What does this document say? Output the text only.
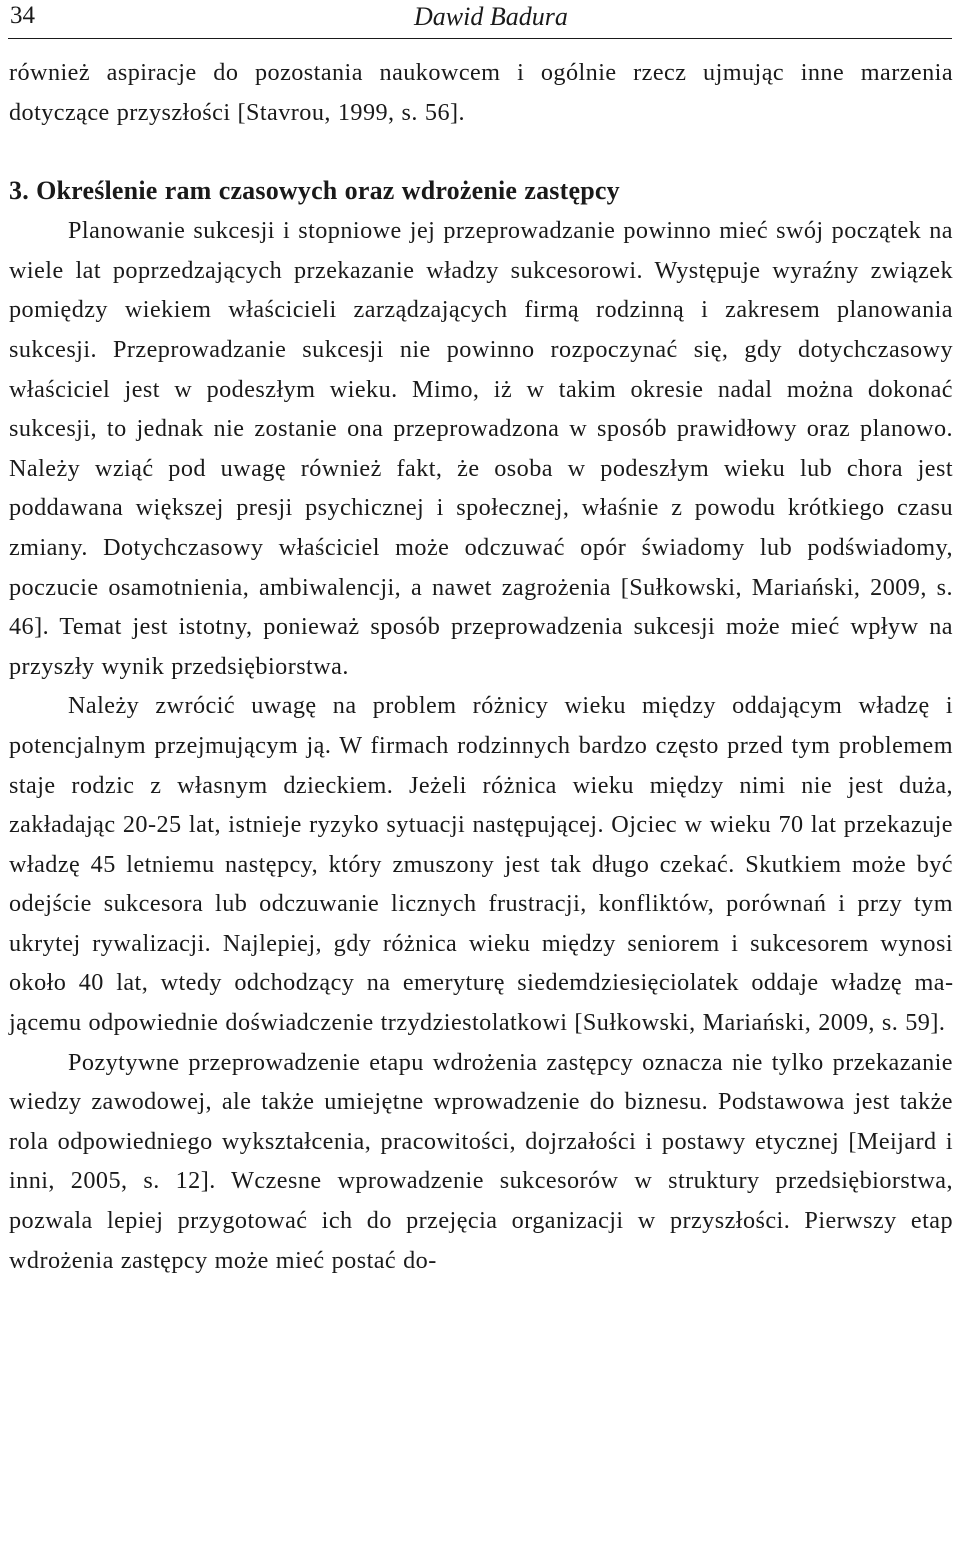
34	Dawid Badura

również aspiracje do pozostania naukowcem i ogólnie rzecz ujmując inne marzenia dotyczące przyszłości [Stavrou, 1999, s. 56].

3. Określenie ram czasowych oraz wdrożenie zastępcy

Planowanie sukcesji i stopniowe jej przeprowadzanie powinno mieć swój początek na wiele lat poprzedzających przekazanie władzy sukcesorowi. Występuje wyraźny związek pomiędzy wiekiem właścicieli zarządzających firmą rodzinną i zakresem planowania sukcesji. Przeprowadzanie sukcesji nie powinno rozpoczynać się, gdy dotychczasowy właściciel jest w podeszłym wieku. Mimo, iż w takim okresie nadal można dokonać sukcesji, to jednak nie zostanie ona przeprowadzona w sposób prawidłowy oraz planowo. Należy wziąć pod uwagę również fakt, że osoba w podeszłym wieku lub chora jest poddawana większej presji psychicznej i społecznej, właśnie z powodu krótkiego czasu zmiany. Dotychczasowy właściciel może odczuwać opór świadomy lub podświadomy, poczucie osamotnienia, ambiwalencji, a nawet zagrożenia [Sułkowski, Mariański, 2009, s. 46]. Temat jest istotny, ponieważ sposób przeprowadzenia sukcesji może mieć wpływ na przyszły wynik przedsiębiorstwa.

Należy zwrócić uwagę na problem różnicy wieku między oddającym władzę i potencjalnym przejmującym ją. W firmach rodzinnych bardzo często przed tym problemem staje rodzic z własnym dzieckiem. Jeżeli różnica wieku między nimi nie jest duża, zakładając 20-25 lat, istnieje ryzyko sytuacji następującej. Ojciec w wieku 70 lat przekazuje władzę 45 letniemu następcy, który zmuszony jest tak długo czekać. Skutkiem może być odejście sukcesora lub odczuwanie licznych frustracji, konfliktów, porównań i przy tym ukrytej rywalizacji. Najlepiej, gdy różnica wieku między seniorem i sukcesorem wynosi około 40 lat, wtedy odchodzący na emeryturę siedemdziesięciolatek oddaje władzę mającemu odpowiednie doświadczenie trzydziestolatkowi [Sułkowski, Mariański, 2009, s. 59].

Pozytywne przeprowadzenie etapu wdrożenia zastępcy oznacza nie tylko przekazanie wiedzy zawodowej, ale także umiejętne wprowadzenie do biznesu. Podstawowa jest także rola odpowiedniego wykształcenia, pracowitości, dojrzałości i postawy etycznej [Meijard i inni, 2005, s. 12]. Wczesne wprowadzenie sukcesorów w struktury przedsiębiorstwa, pozwala lepiej przygotować ich do przejęcia organizacji w przyszłości. Pierwszy etap wdrożenia zastępcy może mieć postać do-
